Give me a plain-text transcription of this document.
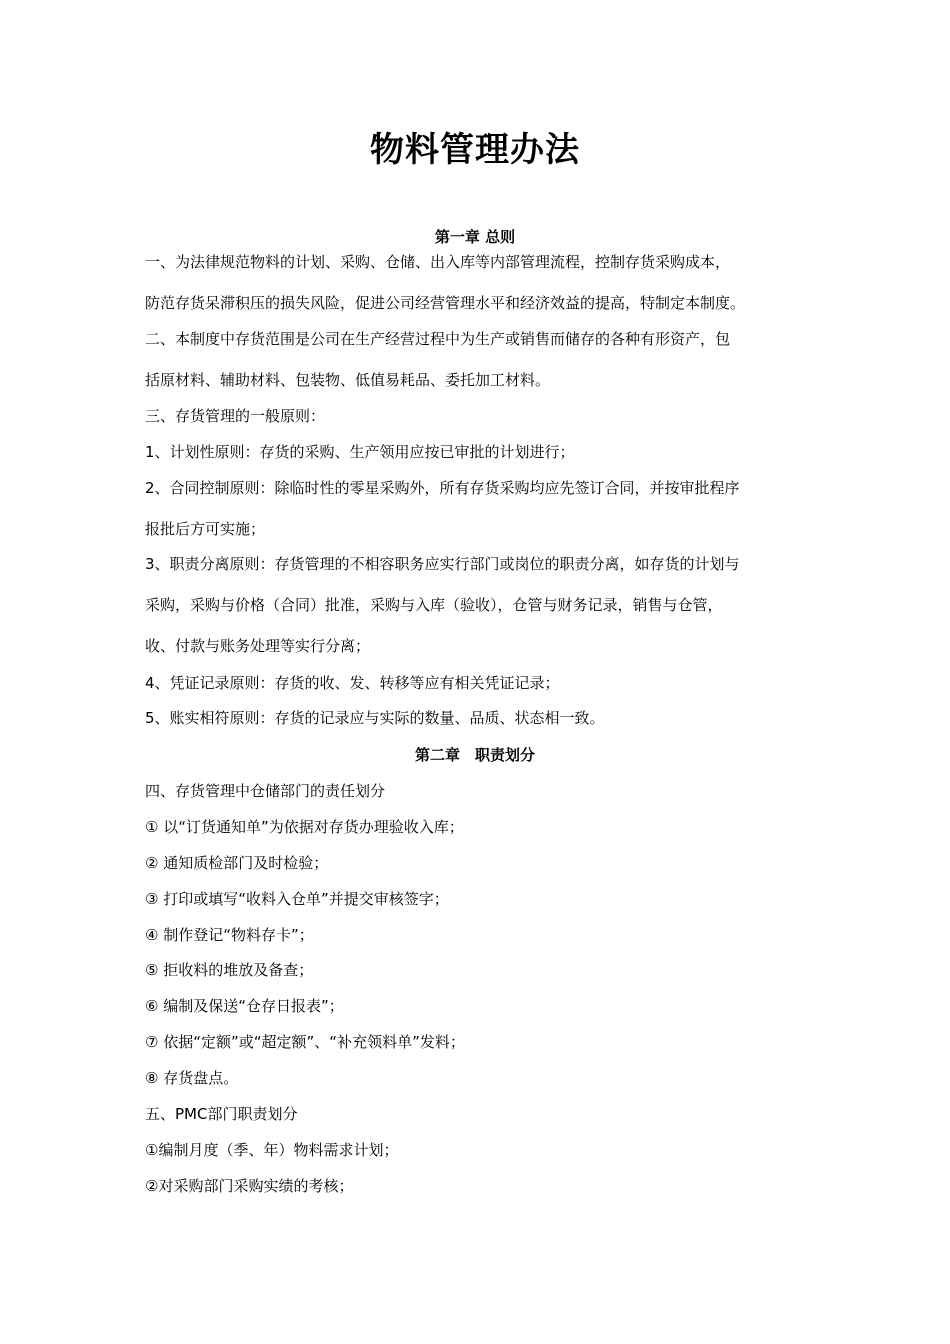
物料管理办法
第一章 总则
一、为法律规范物料的计划、采购、仓储、出入库等内部管理流程，控制存货采购成本，
防范存货呆滞积压的损失风险，促进公司经营管理水平和经济效益的提高，特制定本制度。
二、本制度中存货范围是公司在生产经营过程中为生产或销售而储存的各种有形资产，包
括原材料、辅助材料、包装物、低值易耗品、委托加工材料。
三、存货管理的一般原则：
1、计划性原则：存货的采购、生产领用应按已审批的计划进行；
2、合同控制原则：除临时性的零星采购外，所有存货采购均应先签订合同，并按审批程序
报批后方可实施；
3、职责分离原则：存货管理的不相容职务应实行部门或岗位的职责分离，如存货的计划与
采购，采购与价格（合同）批准，采购与入库（验收），仓管与财务记录，销售与仓管，
收、付款与账务处理等实行分离；
4、凭证记录原则：存货的收、发、转移等应有相关凭证记录；
5、账实相符原则：存货的记录应与实际的数量、品质、状态相一致。
第二章　职责划分
四、存货管理中仓储部门的责任划分
① 以“订货通知单”为依据对存货办理验收入库；
② 通知质检部门及时检验；
③ 打印或填写“收料入仓单”并提交审核签字；
④ 制作登记“物料存卡”；
⑤ 拒收料的堆放及备查；
⑥ 编制及保送“仓存日报表”；
⑦ 依据“定额”或“超定额”、“补充领料单”发料；
⑧ 存货盘点。
五、PMC部门职责划分
①编制月度（季、年）物料需求计划；
②对采购部门采购实绩的考核；
